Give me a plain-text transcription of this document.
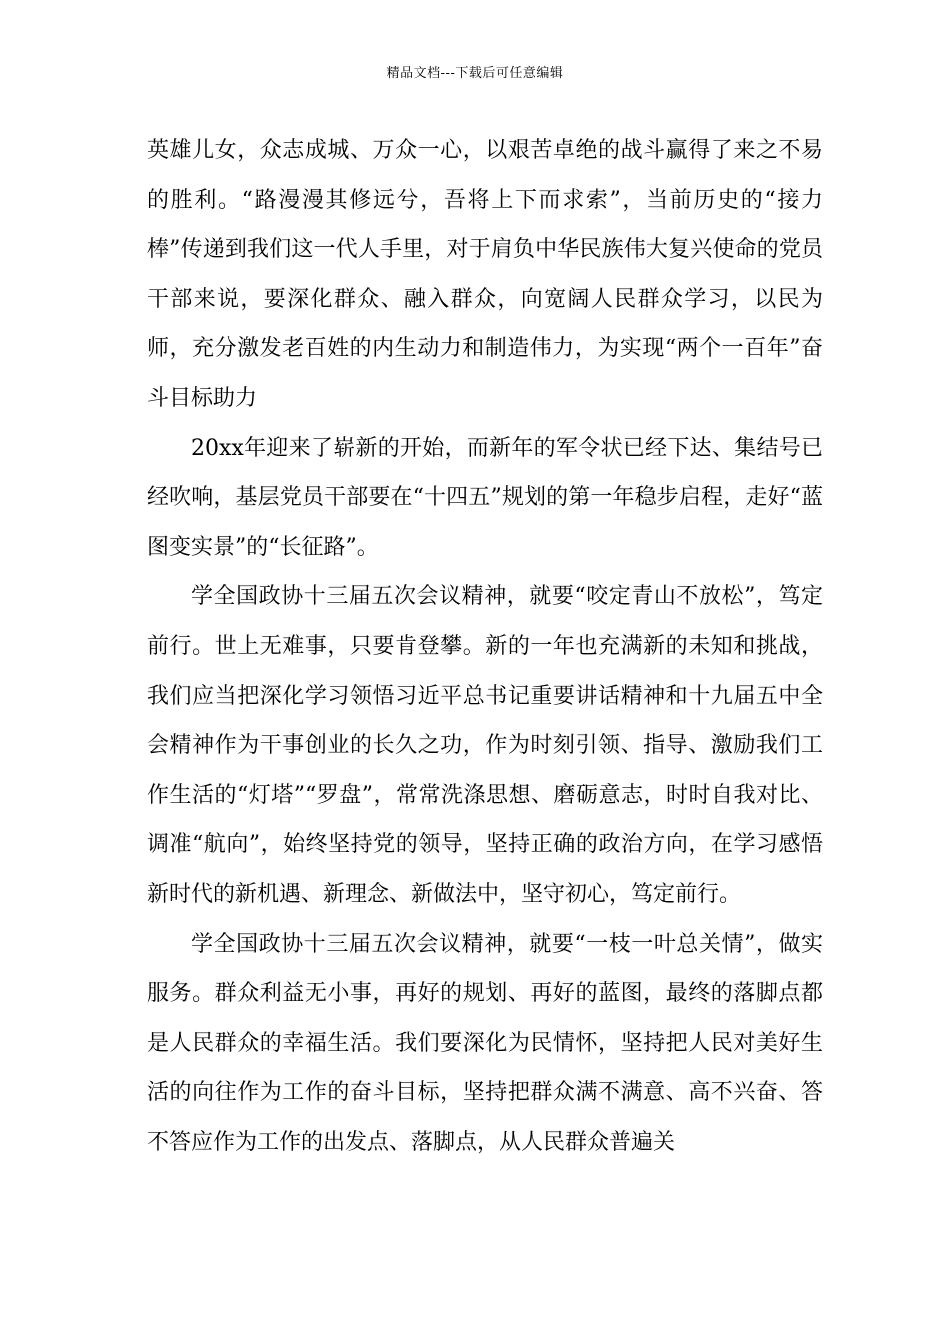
精品文档---下载后可任意编辑

英雄儿女，众志成城、万众一心，以艰苦卓绝的战斗赢得了来之不易的胜利。“路漫漫其修远兮，吾将上下而求索”，当前历史的“接力棒”传递到我们这一代人手里，对于肩负中华民族伟大复兴使命的党员干部来说，要深化群众、融入群众，向宽阔人民群众学习，以民为师，充分激发老百姓的内生动力和制造伟力，为实现“两个一百年”奋斗目标助力

20xx年迎来了崭新的开始，而新年的军令状已经下达、集结号已经吹响，基层党员干部要在“十四五”规划的第一年稳步启程，走好“蓝图变实景”的“长征路”。

学全国政协十三届五次会议精神，就要“咬定青山不放松”，笃定前行。世上无难事，只要肯登攀。新的一年也充满新的未知和挑战，我们应当把深化学习领悟习近平总书记重要讲话精神和十九届五中全会精神作为干事创业的长久之功，作为时刻引领、指导、激励我们工作生活的“灯塔”“罗盘”，常常洗涤思想、磨砺意志，时时自我对比、调准“航向”，始终坚持党的领导，坚持正确的政治方向，在学习感悟新时代的新机遇、新理念、新做法中，坚守初心，笃定前行。

学全国政协十三届五次会议精神，就要“一枝一叶总关情”，做实服务。群众利益无小事，再好的规划、再好的蓝图，最终的落脚点都是人民群众的幸福生活。我们要深化为民情怀，坚持把人民对美好生活的向往作为工作的奋斗目标，坚持把群众满不满意、高不兴奋、答不答应作为工作的出发点、落脚点，从人民群众普遍关
